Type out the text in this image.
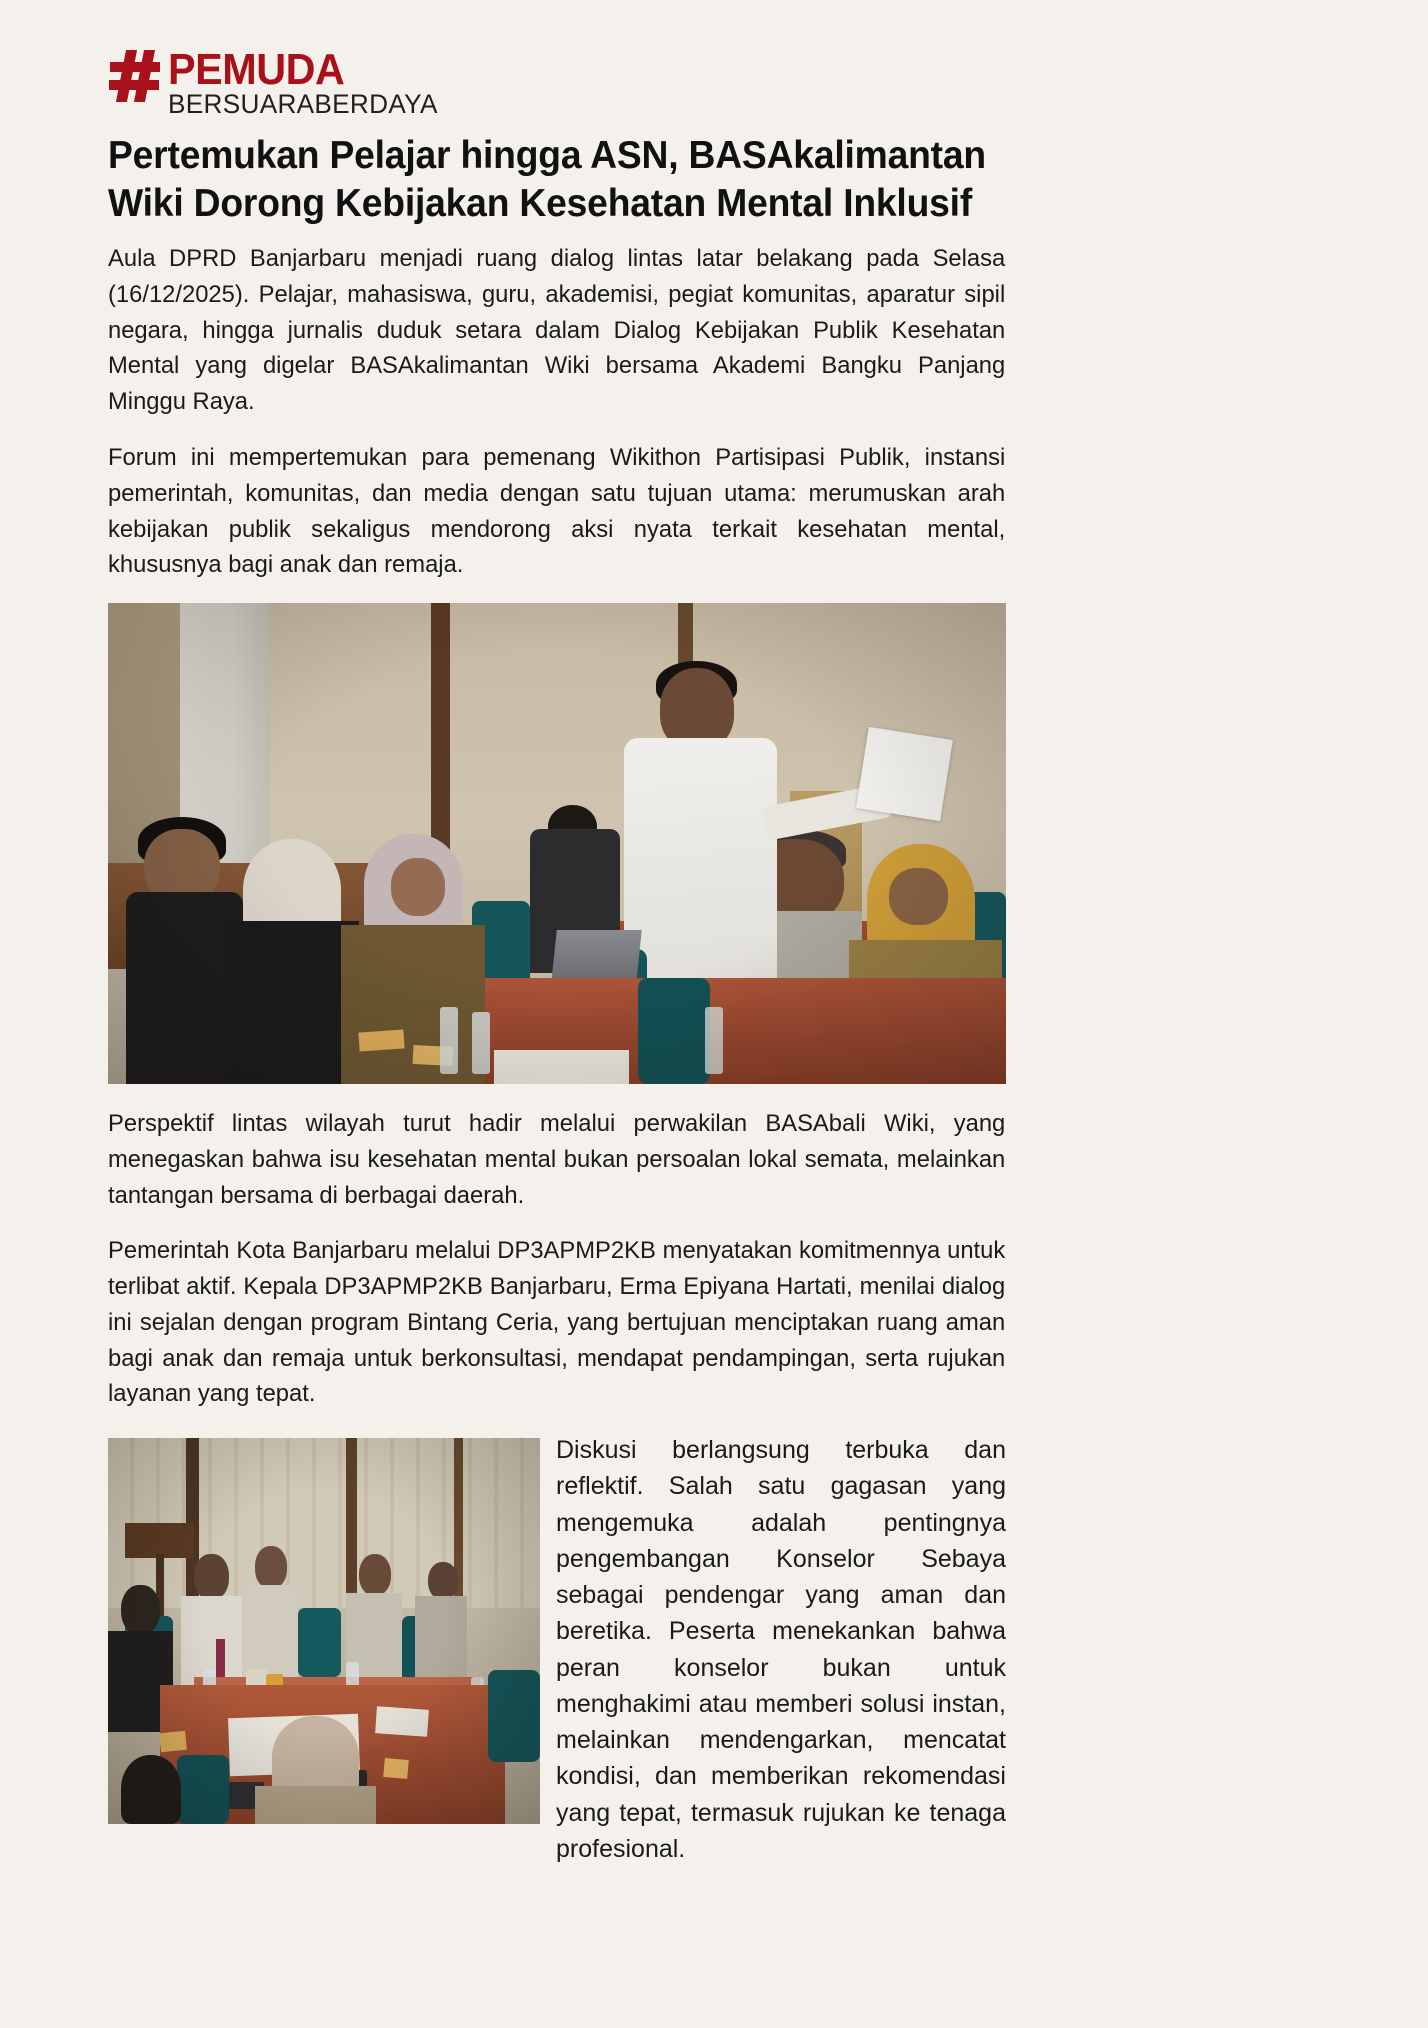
PEMUDA
BERSUARABERDAYA
Pertemukan Pelajar hingga ASN, BASAkalimantan Wiki Dorong Kebijakan Kesehatan Mental Inklusif

Aula DPRD Banjarbaru menjadi ruang dialog lintas latar belakang pada Selasa (16/12/2025). Pelajar, mahasiswa, guru, akademisi, pegiat komunitas, aparatur sipil negara, hingga jurnalis duduk setara dalam Dialog Kebijakan Publik Kesehatan Mental yang digelar BASAkalimantan Wiki bersama Akademi Bangku Panjang Minggu Raya.

Forum ini mempertemukan para pemenang Wikithon Partisipasi Publik, instansi pemerintah, komunitas, dan media dengan satu tujuan utama: merumuskan arah kebijakan publik sekaligus mendorong aksi nyata terkait kesehatan mental, khususnya bagi anak dan remaja.

Perspektif lintas wilayah turut hadir melalui perwakilan BASAbali Wiki, yang menegaskan bahwa isu kesehatan mental bukan persoalan lokal semata, melainkan tantangan bersama di berbagai daerah.

Pemerintah Kota Banjarbaru melalui DP3APMP2KB menyatakan komitmennya untuk terlibat aktif. Kepala DP3APMP2KB Banjarbaru, Erma Epiyana Hartati, menilai dialog ini sejalan dengan program Bintang Ceria, yang bertujuan menciptakan ruang aman bagi anak dan remaja untuk berkonsultasi, mendapat pendampingan, serta rujukan layanan yang tepat.

Diskusi berlangsung terbuka dan reflektif. Salah satu gagasan yang mengemuka adalah pentingnya pengembangan Konselor Sebaya sebagai pendengar yang aman dan beretika. Peserta menekankan bahwa peran konselor bukan untuk menghakimi atau memberi solusi instan, melainkan mendengarkan, mencatat kondisi, dan memberikan rekomendasi yang tepat, termasuk rujukan ke tenaga profesional.
